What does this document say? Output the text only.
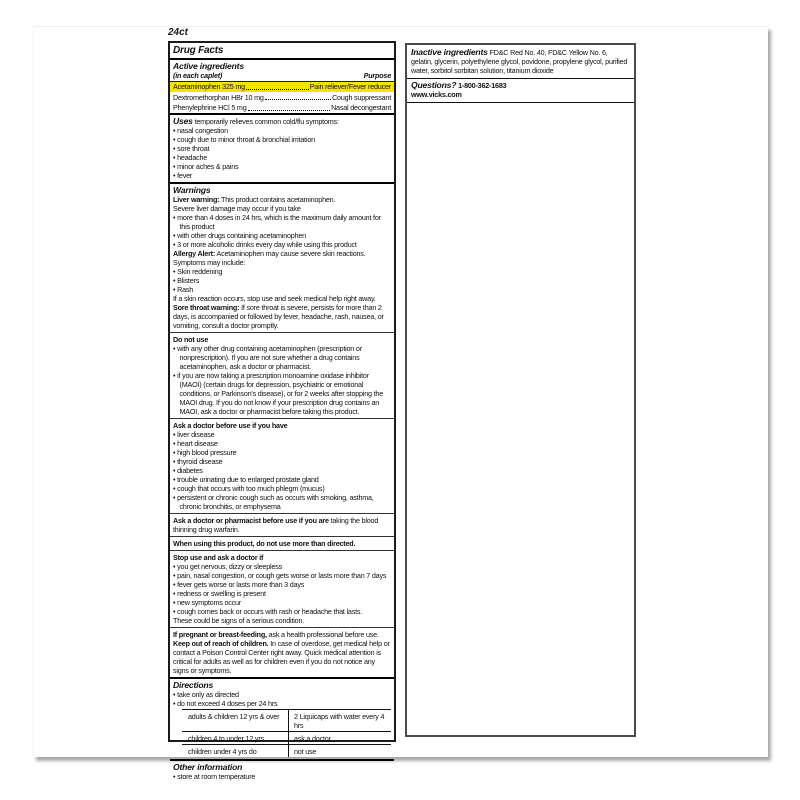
24ct
Drug Facts
Active ingredients
(in each caplet)	Purpose
Acetaminophen 325 mg	Pain reliever/Fever reducer
Dextromethorphan HBr 10 mg	Cough suppressant
Phenylephrine HCl 5 mg	Nasal decongestant
Uses temporarily relieves common cold/flu symptoms:
• nasal congestion
• cough due to minor throat & bronchial irritation
• sore throat
• headache
• minor aches & pains
• fever
Warnings
Liver warning: This product contains acetaminophen.
Severe liver damage may occur if you take
• more than 4 doses in 24 hrs, which is the maximum daily amount for this product
• with other drugs containing acetaminophen
• 3 or more alcoholic drinks every day while using this product
Allergy Alert: Acetaminophen may cause severe skin reactions.
Symptoms may include:
• Skin reddening
• Blisters
• Rash
If a skin reaction occurs, stop use and seek medical help right away.
Sore throat warning: If sore throat is severe, persists for more than 2 days, is accompanied or followed by fever, headache, rash, nausea, or vomiting, consult a doctor promptly.
Do not use
• with any other drug containing acetaminophen (prescription or nonprescription). If you are not sure whether a drug contains acetaminophen, ask a doctor or pharmacist.
• if you are now taking a prescription monoamine oxidase inhibitor (MAOI) (certain drugs for depression, psychiatric or emotional conditions, or Parkinson's disease), or for 2 weeks after stopping the MAOI drug. If you do not know if your prescription drug contains an MAOI, ask a doctor or pharmacist before taking this product.
Ask a doctor before use if you have
• liver disease
• heart disease
• high blood pressure
• thyroid disease
• diabetes
• trouble urinating due to enlarged prostate gland
• cough that occurs with too much phlegm (mucus)
• persistent or chronic cough such as occurs with smoking, asthma, chronic bronchitis, or emphysema
Ask a doctor or pharmacist before use if you are taking the blood thinning drug warfarin.
When using this product, do not use more than directed.
Stop use and ask a doctor if
• you get nervous, dizzy or sleepless
• pain, nasal congestion, or cough gets worse or lasts more than 7 days
• fever gets worse or lasts more than 3 days
• redness or swelling is present
• new symptoms occur
• cough comes back or occurs with rash or headache that lasts.
These could be signs of a serious condition.
If pregnant or breast-feeding, ask a health professional before use.
Keep out of reach of children. In case of overdose, get medical help or contact a Poison Control Center right away. Quick medical attention is critical for adults as well as for children even if you do not notice any signs or symptoms.
Directions
• take only as directed
• do not exceed 4 doses per 24 hrs
adults & children 12 yrs & over	2 Liquicaps with water every 4 hrs
children 4 to under 12 yrs	ask a doctor
children under 4 yrs do	not use
Other information
• store at room temperature
Inactive ingredients FD&C Red No. 40, FD&C Yellow No. 6, gelatin, glycerin, polyethylene glycol, povidone, propylene glycol, purified water, sorbitol sorbitan solution, titanium dioxide
Questions? 1-800-362-1683
www.vicks.com
